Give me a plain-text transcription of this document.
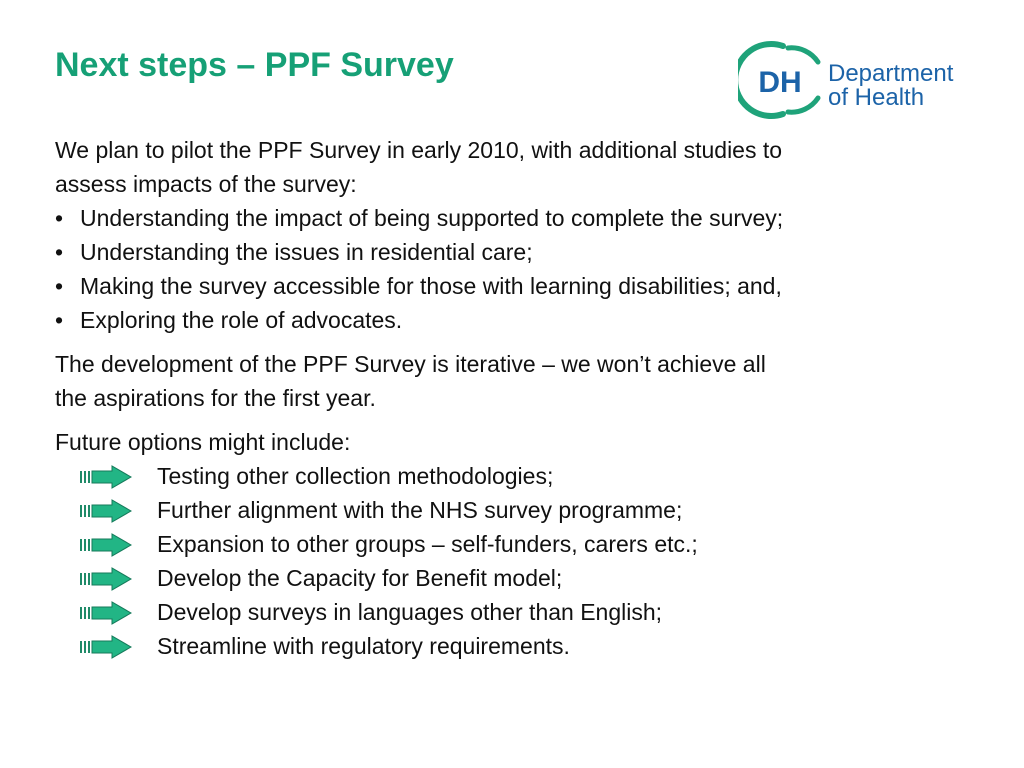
Next steps – PPF Survey	DH Department
of Health
We plan to pilot the PPF Survey in early 2010, with additional studies to
assess impacts of the survey:
• Understanding the impact of being supported to complete the survey;
• Understanding the issues in residential care;
• Making the survey accessible for those with learning disabilities; and,
• Exploring the role of advocates.
The development of the PPF Survey is iterative – we won’t achieve all
the aspirations for the first year.
Future options might include:
Testing other collection methodologies;
Further alignment with the NHS survey programme;
Expansion to other groups – self-funders, carers etc.;
Develop the Capacity for Benefit model;
Develop surveys in languages other than English;
Streamline with regulatory requirements.
